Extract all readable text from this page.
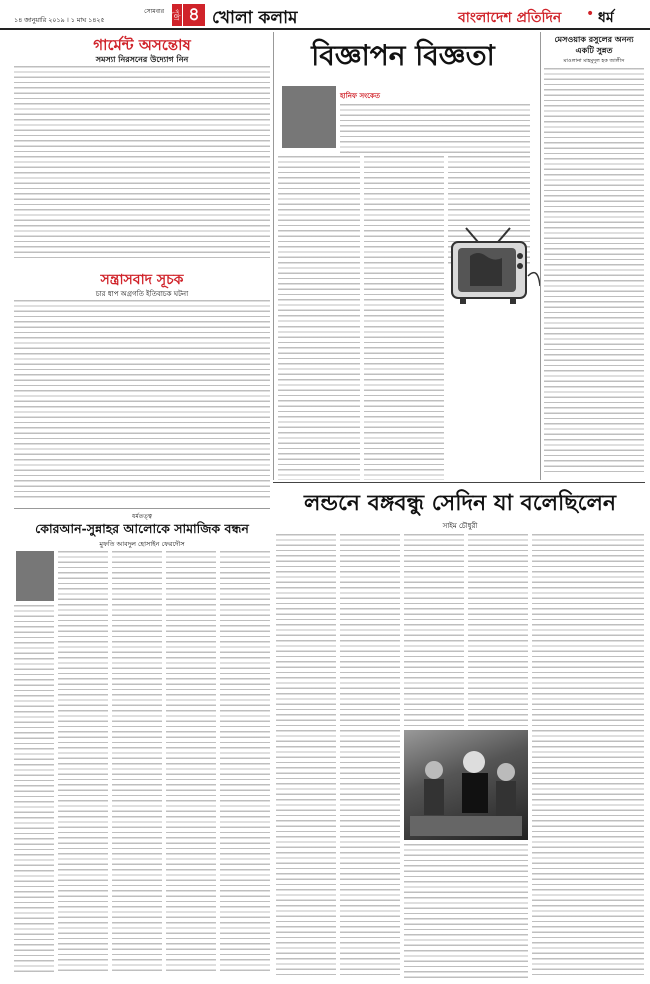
সোমবার
১৪ জানুয়ারি ২০১৯ । ১ মাঘ ১৪২৫	পৃষ্ঠা ৪ খোলা কলাম	বাংলাদেশ প্রতিদিন • ধর্ম
গার্মেন্ট অসন্তোষ
সমস্যা নিরসনের উদ্যোগ নিন
সন্ত্রাসবাদ সূচক
চার ধাপ অগ্রগতি ইতিবাচক ঘটনা
ধর্মতত্ত্ব
কোরআন-সুন্নাহর আলোকে সামাজিক বন্ধন
মুফতি আবদুল হোসাইন ফেরদৌস
বিজ্ঞাপন বিজ্ঞতা
হানিফ সংকেত
মেসওয়াক রসুলের অনন্য একটি সুন্নত
মাওলানা মাহমুদুল হক জালীস
লন্ডনে বঙ্গবন্ধু সেদিন যা বলেছিলেন
সাইম চৌধুরী
